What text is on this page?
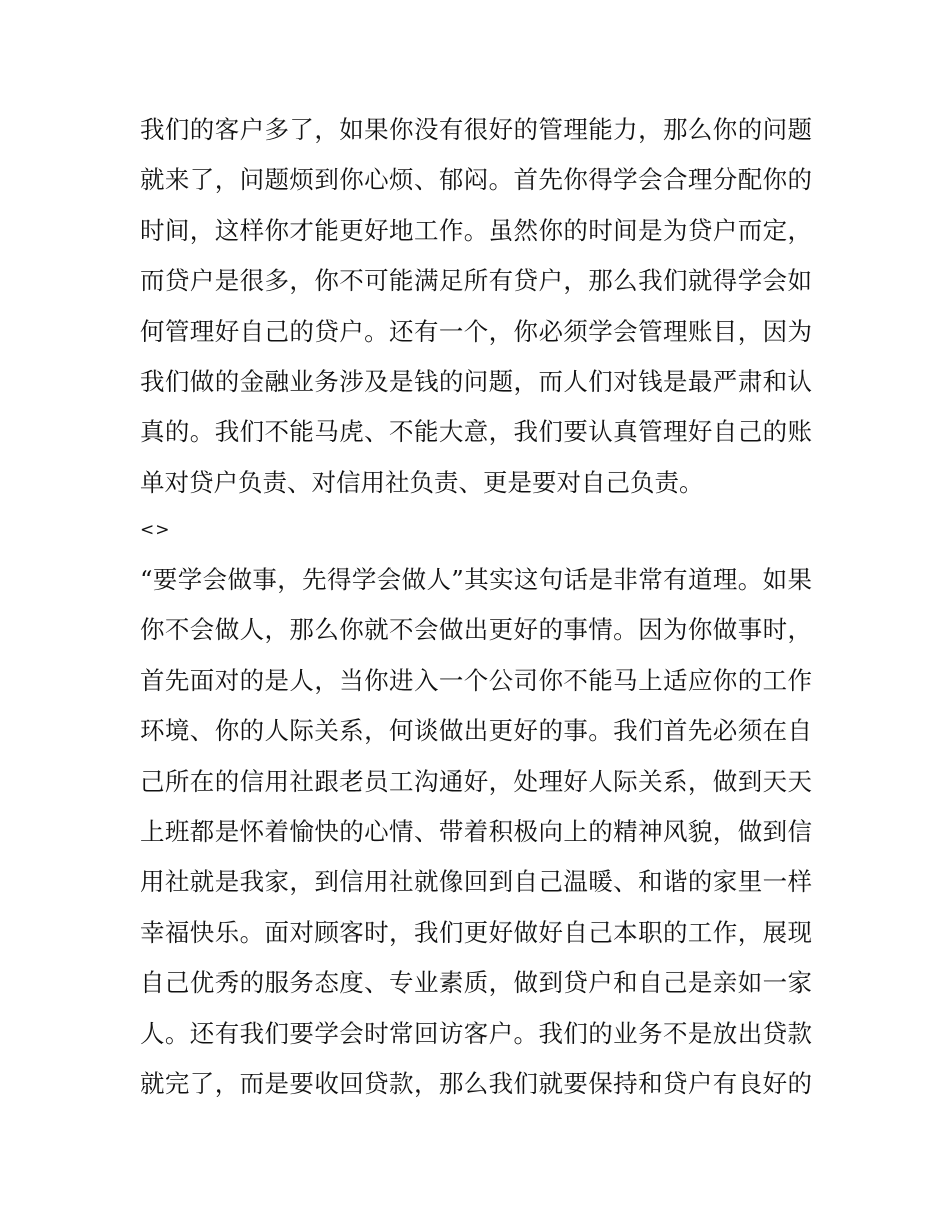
我们的客户多了，如果你没有很好的管理能力，那么你的问题
就来了，问题烦到你心烦、郁闷。首先你得学会合理分配你的
时间，这样你才能更好地工作。虽然你的时间是为贷户而定，
而贷户是很多，你不可能满足所有贷户，那么我们就得学会如
何管理好自己的贷户。还有一个，你必须学会管理账目，因为
我们做的金融业务涉及是钱的问题，而人们对钱是最严肃和认
真的。我们不能马虎、不能大意，我们要认真管理好自己的账
单对贷户负责、对信用社负责、更是要对自己负责。
<>
“要学会做事，先得学会做人”其实这句话是非常有道理。如果
你不会做人，那么你就不会做出更好的事情。因为你做事时，
首先面对的是人，当你进入一个公司你不能马上适应你的工作
环境、你的人际关系，何谈做出更好的事。我们首先必须在自
己所在的信用社跟老员工沟通好，处理好人际关系，做到天天
上班都是怀着愉快的心情、带着积极向上的精神风貌，做到信
用社就是我家，到信用社就像回到自己温暖、和谐的家里一样
幸福快乐。面对顾客时，我们更好做好自己本职的工作，展现
自己优秀的服务态度、专业素质，做到贷户和自己是亲如一家
人。还有我们要学会时常回访客户。我们的业务不是放出贷款
就完了，而是要收回贷款，那么我们就要保持和贷户有良好的
